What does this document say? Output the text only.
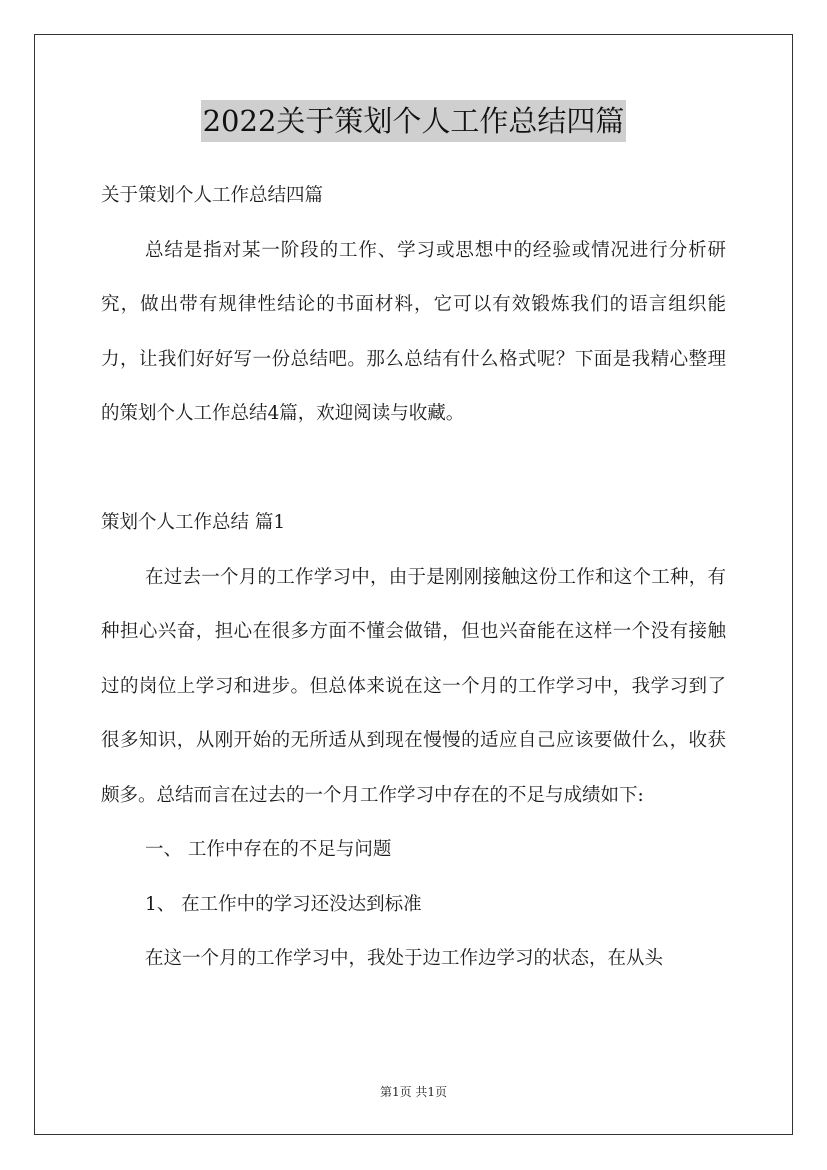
2022关于策划个人工作总结四篇

关于策划个人工作总结四篇

总结是指对某一阶段的工作、学习或思想中的经验或情况进行分析研究，做出带有规律性结论的书面材料，它可以有效锻炼我们的语言组织能力，让我们好好写一份总结吧。那么总结有什么格式呢？下面是我精心整理的策划个人工作总结4篇，欢迎阅读与收藏。

策划个人工作总结 篇1

在过去一个月的工作学习中，由于是刚刚接触这份工作和这个工种，有种担心兴奋，担心在很多方面不懂会做错，但也兴奋能在这样一个没有接触过的岗位上学习和进步。但总体来说在这一个月的工作学习中，我学习到了很多知识，从刚开始的无所适从到现在慢慢的适应自己应该要做什么，收获颇多。总结而言在过去的一个月工作学习中存在的不足与成绩如下:

一、 工作中存在的不足与问题

1、 在工作中的学习还没达到标准

在这一个月的工作学习中，我处于边工作边学习的状态，在从头

第1页 共1页
